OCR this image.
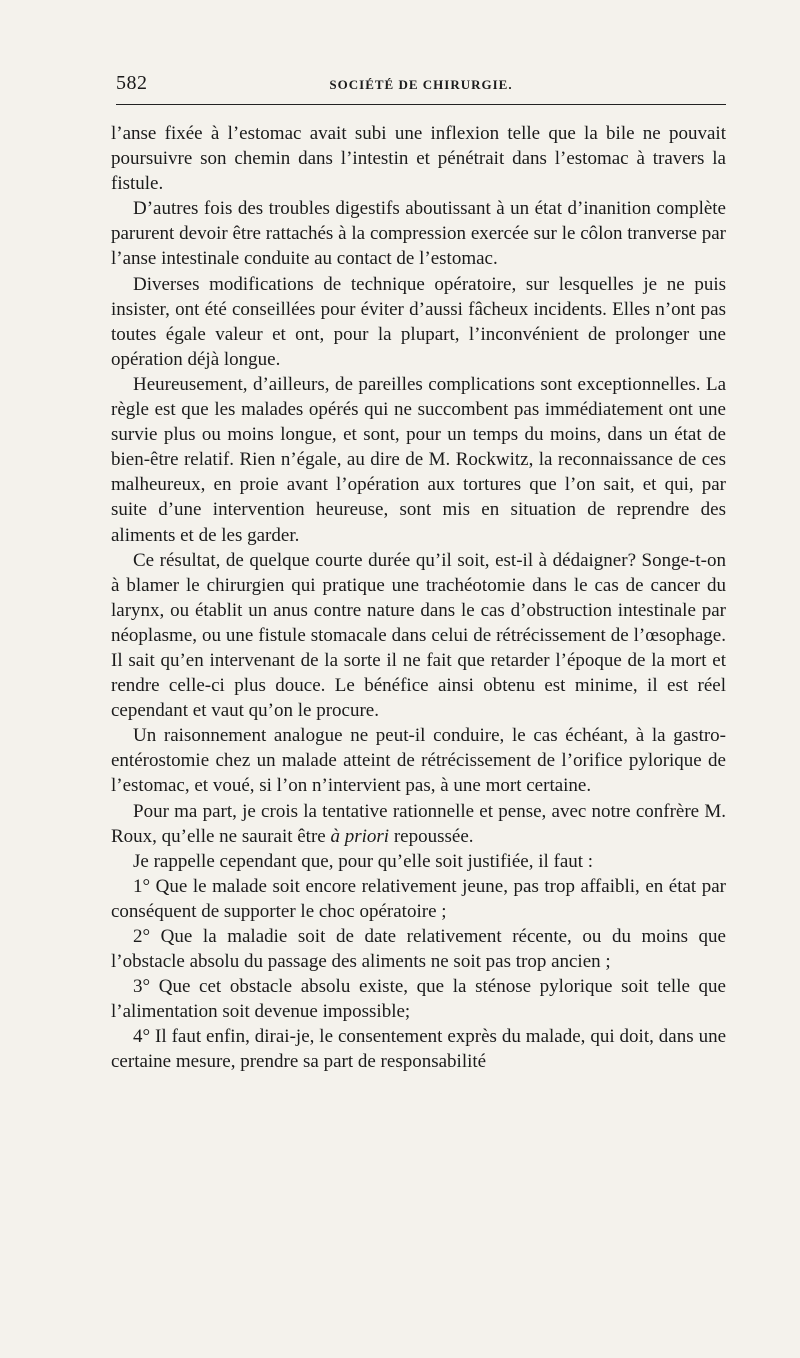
582	SOCIÉTÉ DE CHIRURGIE.

l’anse fixée à l’estomac avait subi une inflexion telle que la bile ne pouvait poursuivre son chemin dans l’intestin et pénétrait dans l’estomac à travers la fistule.

D’autres fois des troubles digestifs aboutissant à un état d’inanition complète parurent devoir être rattachés à la compression exercée sur le côlon tranverse par l’anse intestinale conduite au contact de l’estomac.

Diverses modifications de technique opératoire, sur lesquelles je ne puis insister, ont été conseillées pour éviter d’aussi fâcheux incidents. Elles n’ont pas toutes égale valeur et ont, pour la plupart, l’inconvénient de prolonger une opération déjà longue.

Heureusement, d’ailleurs, de pareilles complications sont exceptionnelles. La règle est que les malades opérés qui ne succombent pas immédiatement ont une survie plus ou moins longue, et sont, pour un temps du moins, dans un état de bien-être relatif. Rien n’égale, au dire de M. Rockwitz, la reconnaissance de ces malheureux, en proie avant l’opération aux tortures que l’on sait, et qui, par suite d’une intervention heureuse, sont mis en situation de reprendre des aliments et de les garder.

Ce résultat, de quelque courte durée qu’il soit, est-il à dédaigner? Songe-t-on à blamer le chirurgien qui pratique une trachéotomie dans le cas de cancer du larynx, ou établit un anus contre nature dans le cas d’obstruction intestinale par néoplasme, ou une fistule stomacale dans celui de rétrécissement de l’œsophage. Il sait qu’en intervenant de la sorte il ne fait que retarder l’époque de la mort et rendre celle-ci plus douce. Le bénéfice ainsi obtenu est minime, il est réel cependant et vaut qu’on le procure.

Un raisonnement analogue ne peut-il conduire, le cas échéant, à la gastro-entérostomie chez un malade atteint de rétrécissement de l’orifice pylorique de l’estomac, et voué, si l’on n’intervient pas, à une mort certaine.

Pour ma part, je crois la tentative rationnelle et pense, avec notre confrère M. Roux, qu’elle ne saurait être à priori repoussée.

Je rappelle cependant que, pour qu’elle soit justifiée, il faut :

1° Que le malade soit encore relativement jeune, pas trop affaibli, en état par conséquent de supporter le choc opératoire ;

2° Que la maladie soit de date relativement récente, ou du moins que l’obstacle absolu du passage des aliments ne soit pas trop ancien ;

3° Que cet obstacle absolu existe, que la sténose pylorique soit telle que l’alimentation soit devenue impossible;

4° Il faut enfin, dirai-je, le consentement exprès du malade, qui doit, dans une certaine mesure, prendre sa part de responsabilité
